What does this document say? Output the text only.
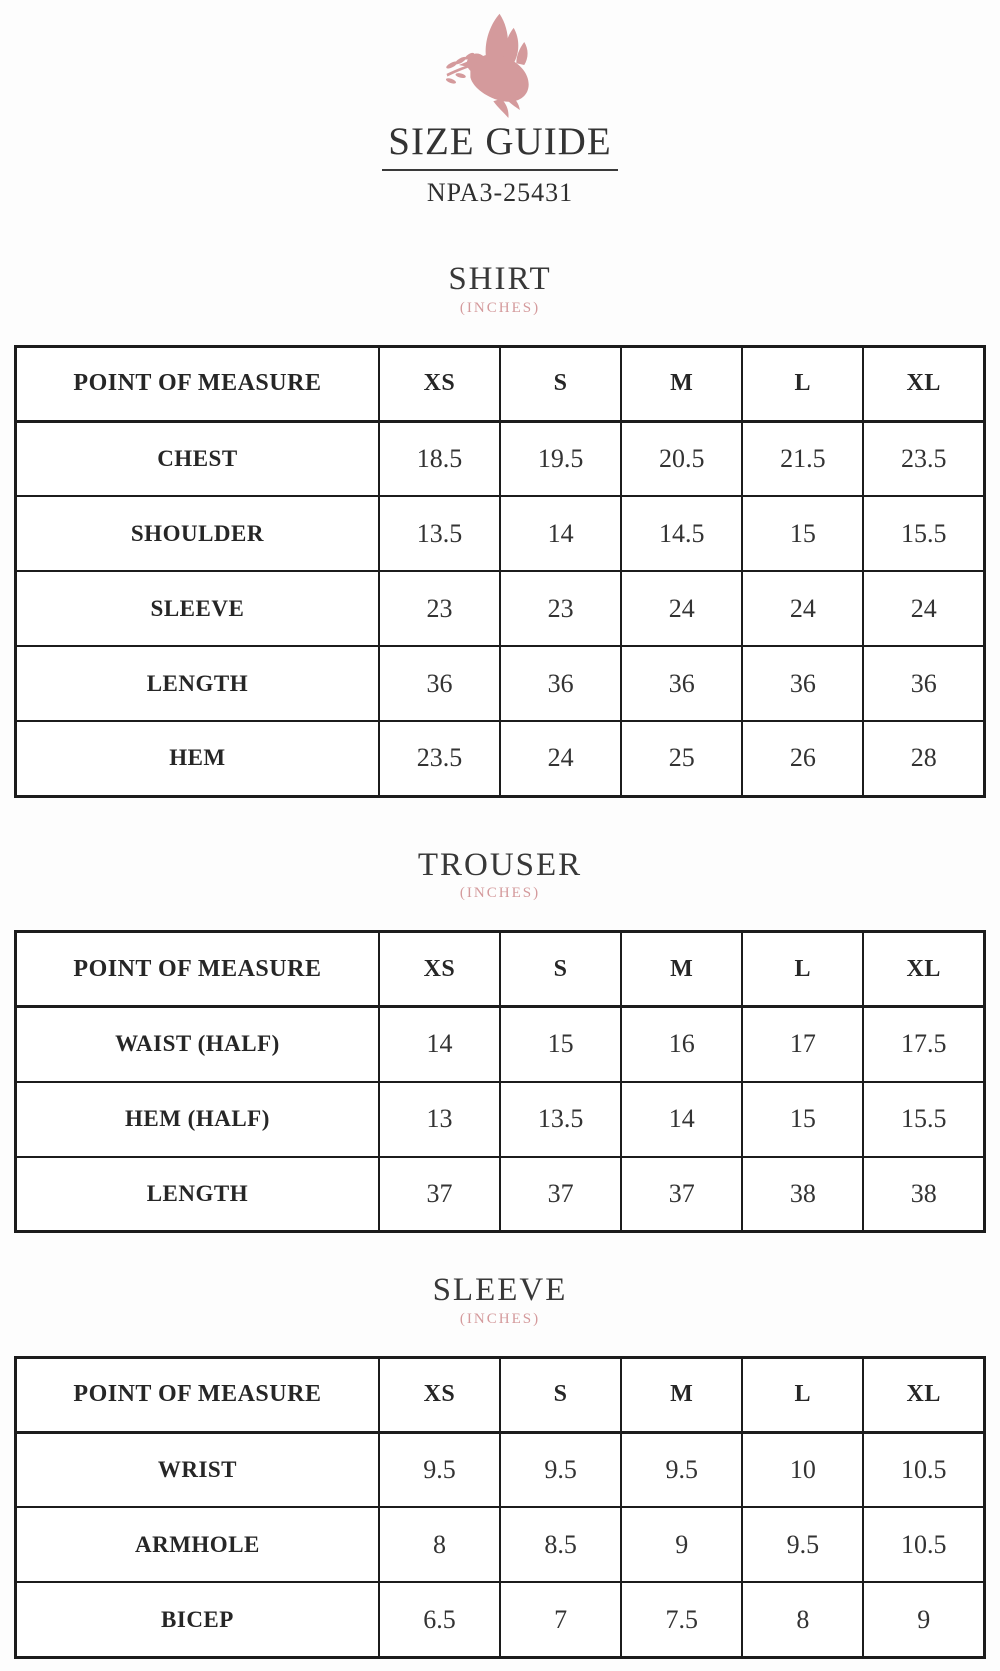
SIZE GUIDE
NPA3-25431
SHIRT
(INCHES)
POINT OF MEASURE	XS	S	M	L	XL
CHEST	18.5	19.5	20.5	21.5	23.5
SHOULDER	13.5	14	14.5	15	15.5
SLEEVE	23	23	24	24	24
LENGTH	36	36	36	36	36
HEM	23.5	24	25	26	28
TROUSER
(INCHES)
POINT OF MEASURE	XS	S	M	L	XL
WAIST (HALF)	14	15	16	17	17.5
HEM (HALF)	13	13.5	14	15	15.5
LENGTH	37	37	37	38	38
SLEEVE
(INCHES)
POINT OF MEASURE	XS	S	M	L	XL
WRIST	9.5	9.5	9.5	10	10.5
ARMHOLE	8	8.5	9	9.5	10.5
BICEP	6.5	7	7.5	8	9
